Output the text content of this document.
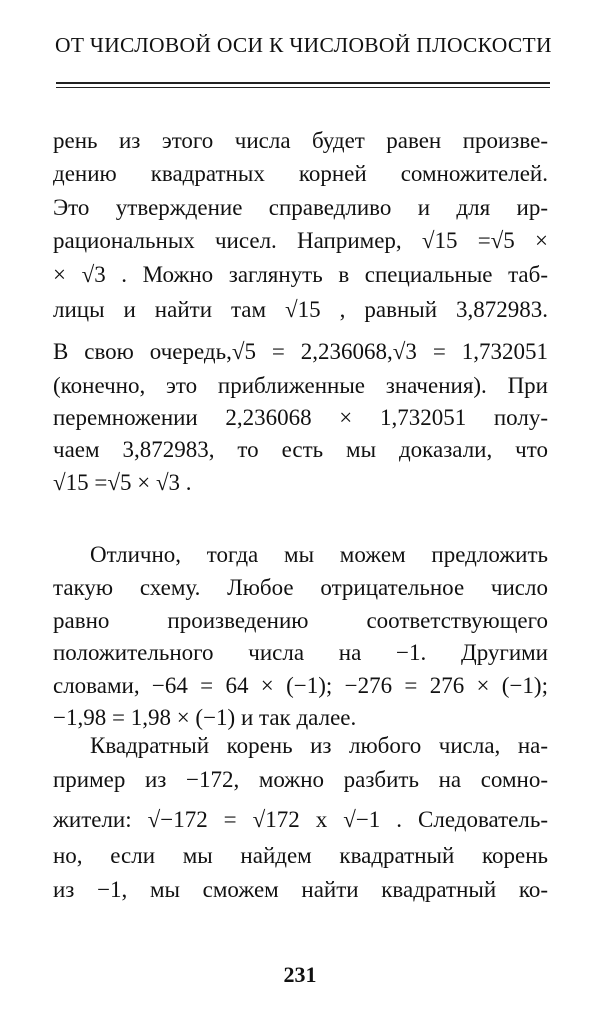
ОТ ЧИСЛОВОЙ ОСИ К ЧИСЛОВОЙ ПЛОСКОСТИ
рень из этого числа будет равен произве-
дению квадратных корней сомножителей.
Это утверждение справедливо и для ир-
рациональных чисел. Например, √15 =√5 ×
× √3 . Можно заглянуть в специальные таб-
лицы и найти там √15 , равный 3,872983.
В свою очередь,√5 = 2,236068,√3 = 1,732051
(конечно, это приближенные значения). При
перемножении 2,236068 × 1,732051 полу-
чаем 3,872983, то есть мы доказали, что
√15 =√5 × √3 .
Отлично, тогда мы можем предложить
такую схему. Любое отрицательное число
равно произведению соответствующего
положительного числа на −1. Другими
словами, −64 = 64 × (−1); −276 = 276 × (−1);
−1,98 = 1,98 × (−1) и так далее.
Квадратный корень из любого числа, на-
пример из −172, можно разбить на сомно-
жители: √−172 = √172 x √−1 . Следователь-
но, если мы найдем квадратный корень
из −1, мы сможем найти квадратный ко-
231
